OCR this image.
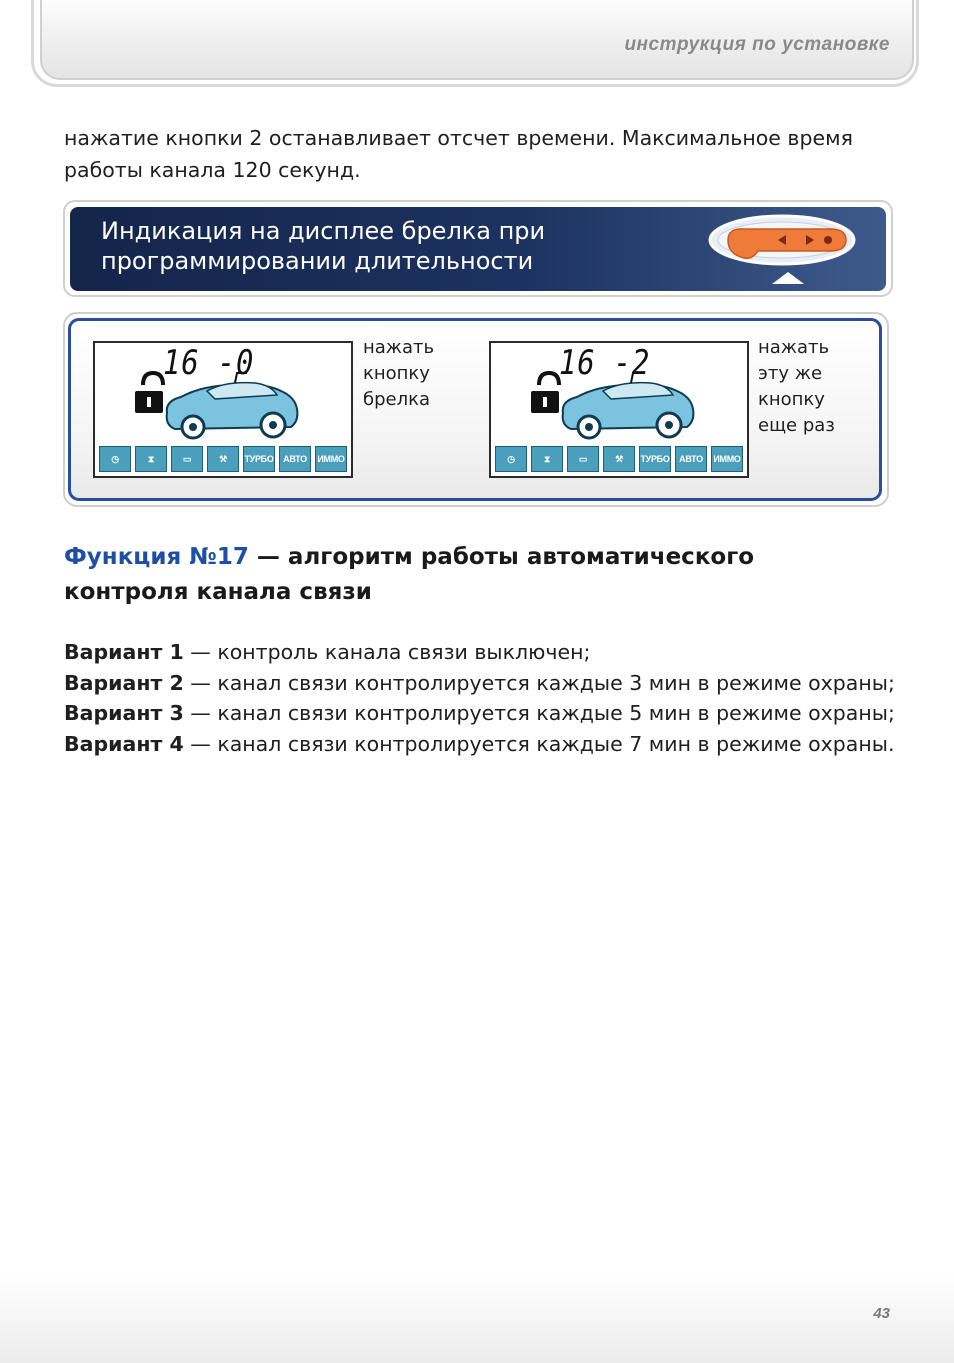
инструкция по установке
нажатие кнопки 2 останавливает отсчет времени. Максимальное время работы канала 120 секунд.
Индикация на дисплее брелка при
программировании длительности
16 -0
◷	⧗	▭	⚒	ТУРБО	АВТО	ИММО
нажать
кнопку
брелка
16 -2
◷	⧗	▭	⚒	ТУРБО	АВТО	ИММО
нажать
эту же
кнопку
еще раз
Функция №17 — алгоритм работы автоматического
контроля канала связи
Вариант 1 — контроль канала связи выключен;
Вариант 2 — канал связи контролируется каждые 3 мин в режиме охраны;
Вариант 3 — канал связи контролируется каждые 5 мин в режиме охраны;
Вариант 4 — канал связи контролируется каждые 7 мин в режиме охраны.
43
